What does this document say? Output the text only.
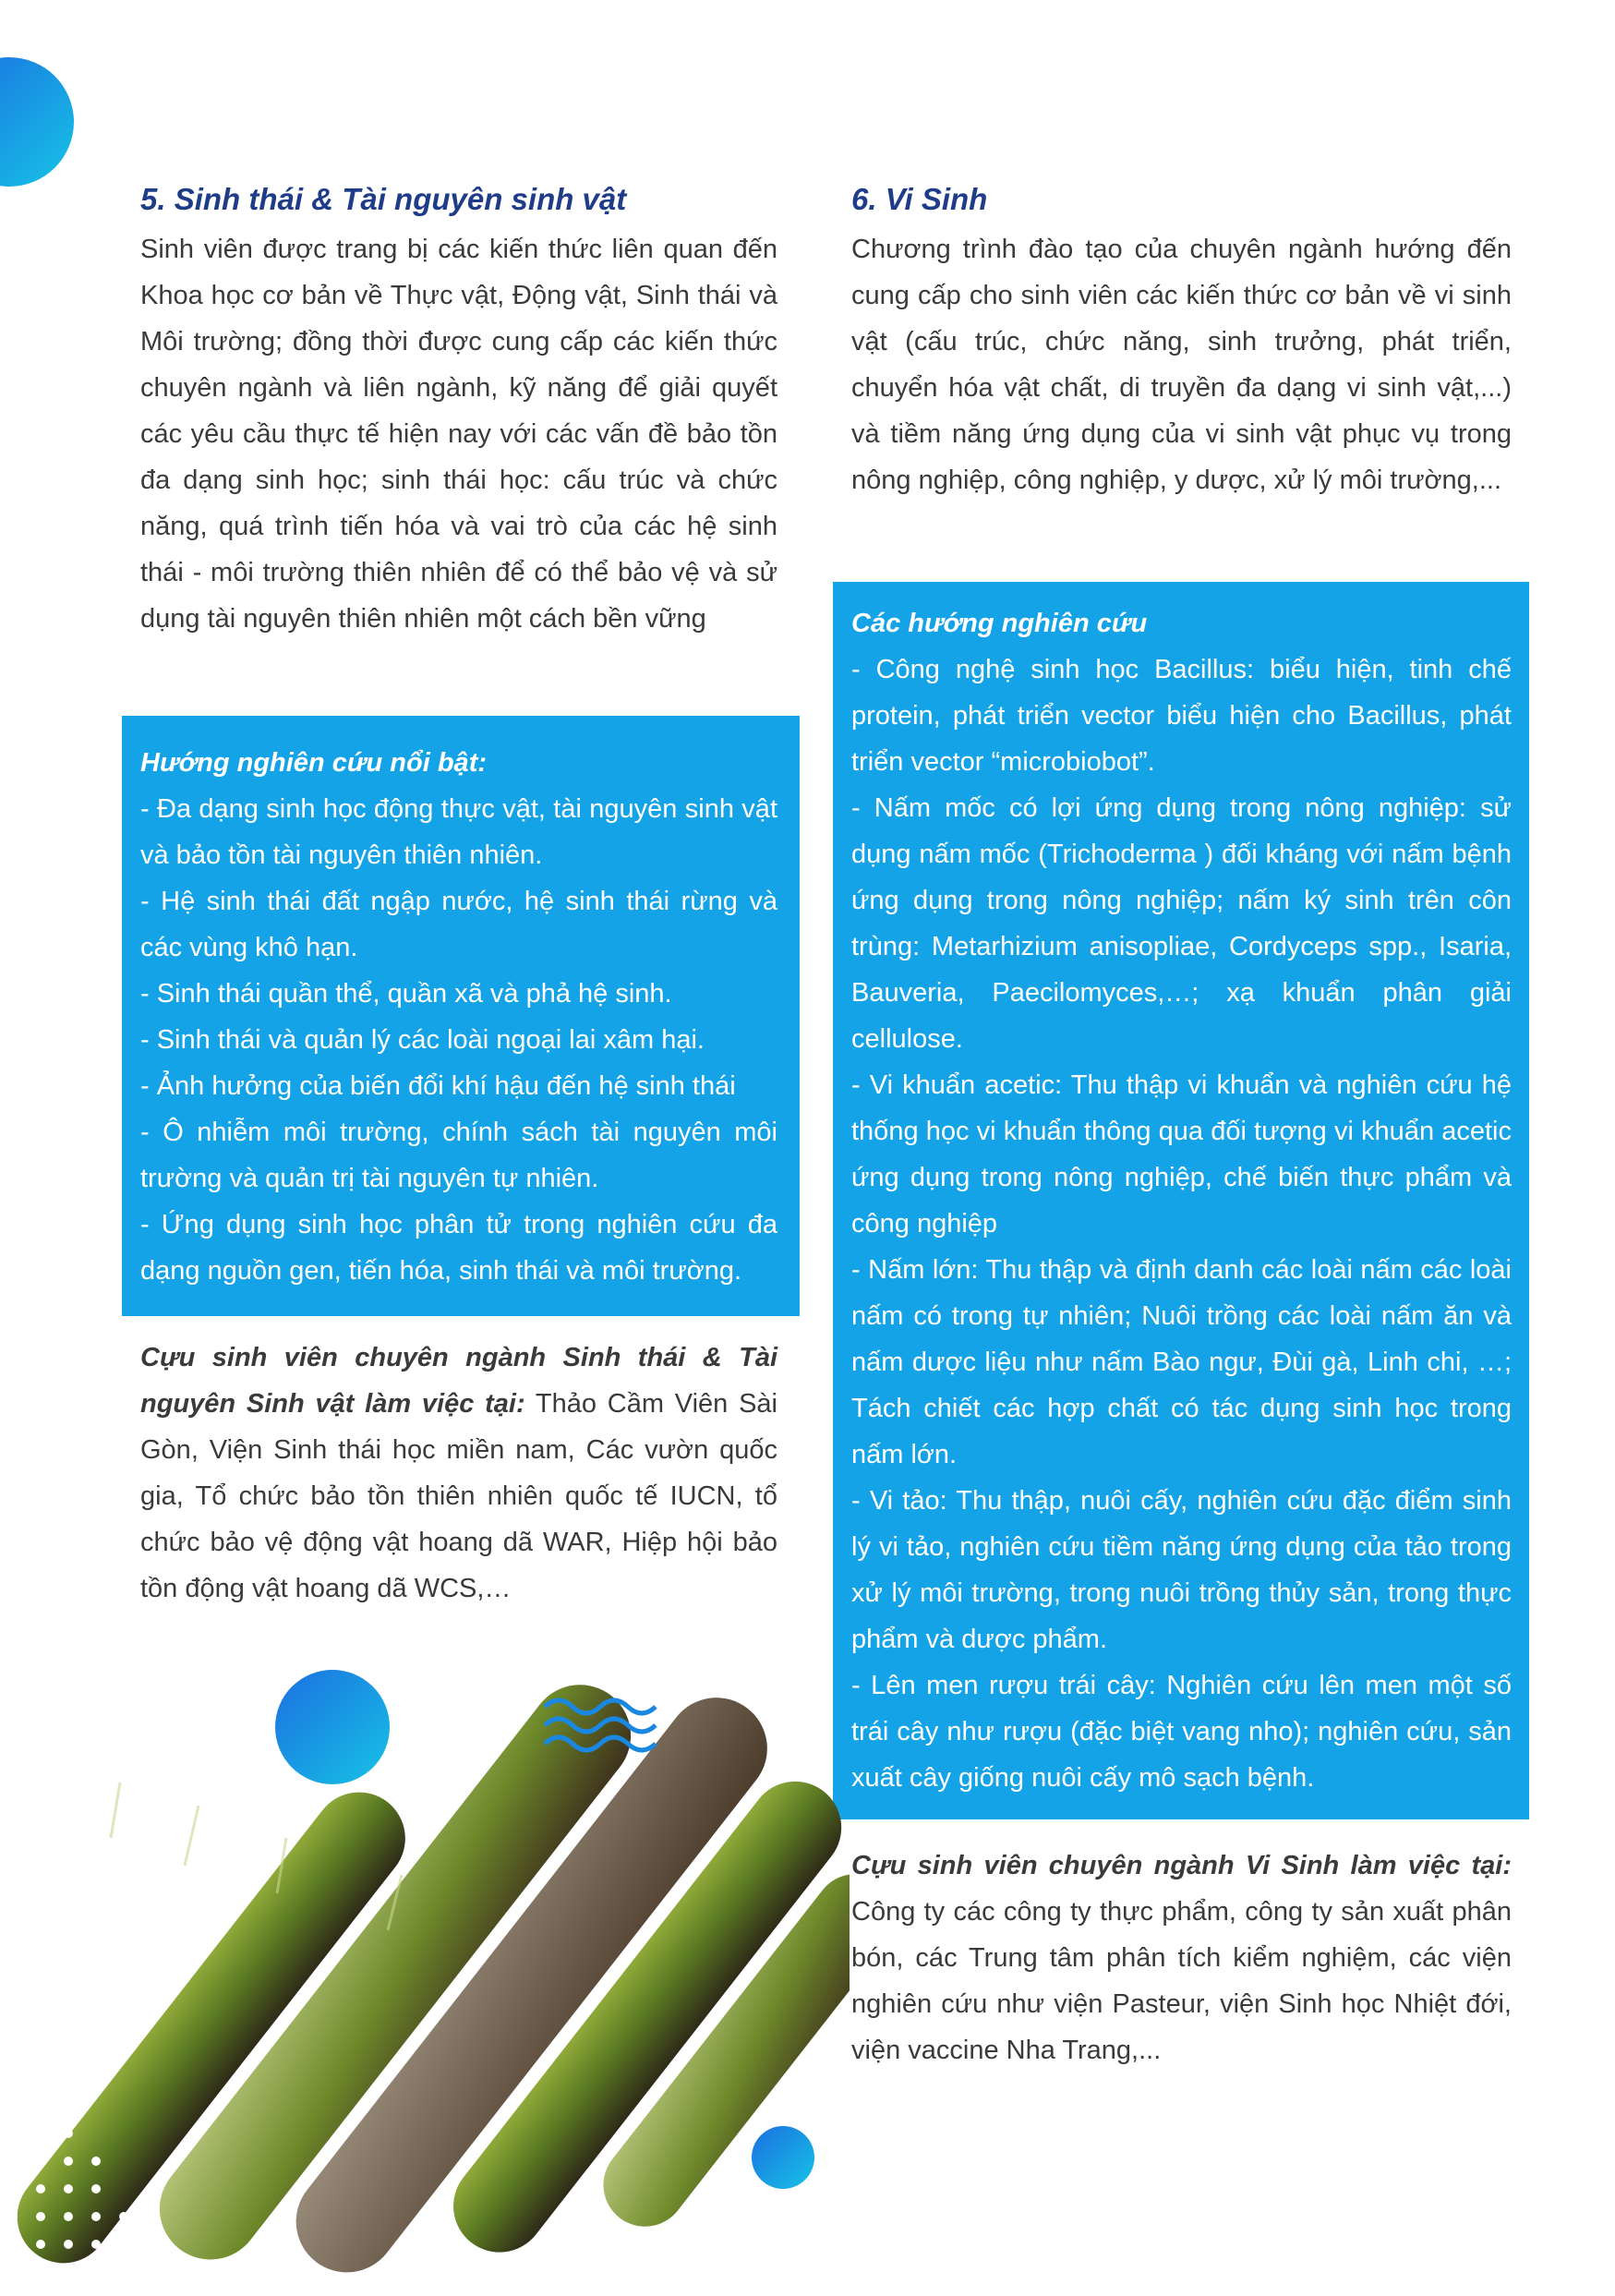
5. Sinh thái & Tài nguyên sinh vật

Sinh viên được trang bị các kiến thức liên quan đến Khoa học cơ bản về Thực vật, Động vật, Sinh thái và Môi trường; đồng thời được cung cấp các kiến thức chuyên ngành và liên ngành, kỹ năng để giải quyết các yêu cầu thực tế hiện nay với các vấn đề bảo tồn đa dạng sinh học; sinh thái học: cấu trúc và chức năng, quá trình tiến hóa và vai trò của các hệ sinh thái - môi trường thiên nhiên để có thể bảo vệ và sử dụng tài nguyên thiên nhiên một cách bền vững

Hướng nghiên cứu nổi bật:

- Đa dạng sinh học động thực vật, tài nguyên sinh vật và bảo tồn tài nguyên thiên nhiên.

- Hệ sinh thái đất ngập nước, hệ sinh thái rừng và các vùng khô hạn.

- Sinh thái quần thể, quần xã và phả hệ sinh.

- Sinh thái và quản lý các loài ngoại lai xâm hại.

- Ảnh hưởng của biến đổi khí hậu đến hệ sinh thái

- Ô nhiễm môi trường, chính sách tài nguyên môi trường và quản trị tài nguyên tự nhiên.

- Ứng dụng sinh học phân tử trong nghiên cứu đa dạng nguồn gen, tiến hóa, sinh thái và môi trường.

Cựu sinh viên chuyên ngành Sinh thái & Tài nguyên Sinh vật làm việc tại: Thảo Cầm Viên Sài Gòn, Viện Sinh thái học miền nam, Các vườn quốc gia, Tổ chức bảo tồn thiên nhiên quốc tế IUCN, tổ chức bảo vệ động vật hoang dã WAR, Hiệp hội bảo tồn động vật hoang dã WCS,…

6. Vi Sinh

Chương trình đào tạo của chuyên ngành hướng đến cung cấp cho sinh viên các kiến thức cơ bản về vi sinh vật (cấu trúc, chức năng, sinh trưởng, phát triển, chuyển hóa vật chất, di truyền đa dạng vi sinh vật,...) và tiềm năng ứng dụng của vi sinh vật phục vụ trong nông nghiệp, công nghiệp, y dược, xử lý môi trường,...

Các hướng nghiên cứu

- Công nghệ sinh học Bacillus: biểu hiện, tinh chế protein, phát triển vector biểu hiện cho Bacillus, phát triển vector “microbiobot”.

- Nấm mốc có lợi ứng dụng trong nông nghiệp: sử dụng nấm mốc (Trichoderma ) đối kháng với nấm bệnh ứng dụng trong nông nghiệp; nấm ký sinh trên côn trùng: Metarhizium anisopliae, Cordyceps spp., Isaria, Bauveria, Paecilomyces,…; xạ khuẩn phân giải cellulose.

- Vi khuẩn acetic: Thu thập vi khuẩn và nghiên cứu hệ thống học vi khuẩn thông qua đối tượng vi khuẩn acetic ứng dụng trong nông nghiệp, chế biến thực phẩm và công nghiệp

- Nấm lớn: Thu thập và định danh các loài nấm các loài nấm có trong tự nhiên; Nuôi trồng các loài nấm ăn và nấm dược liệu như nấm Bào ngư, Đùi gà, Linh chi, …; Tách chiết các hợp chất có tác dụng sinh học trong nấm lớn.

- Vi tảo: Thu thập, nuôi cấy, nghiên cứu đặc điểm sinh lý vi tảo, nghiên cứu tiềm năng ứng dụng của tảo trong xử lý môi trường, trong nuôi trồng thủy sản, trong thực phẩm và dược phẩm.

- Lên men rượu trái cây: Nghiên cứu lên men một số trái cây như rượu (đặc biệt vang nho); nghiên cứu, sản xuất cây giống nuôi cấy mô sạch bệnh.

Cựu sinh viên chuyên ngành Vi Sinh làm việc tại: Công ty các công ty thực phẩm, công ty sản xuất phân bón, các Trung tâm phân tích kiểm nghiệm, các viện nghiên cứu như viện Pasteur, viện Sinh học Nhiệt đới, viện vaccine Nha Trang,...
